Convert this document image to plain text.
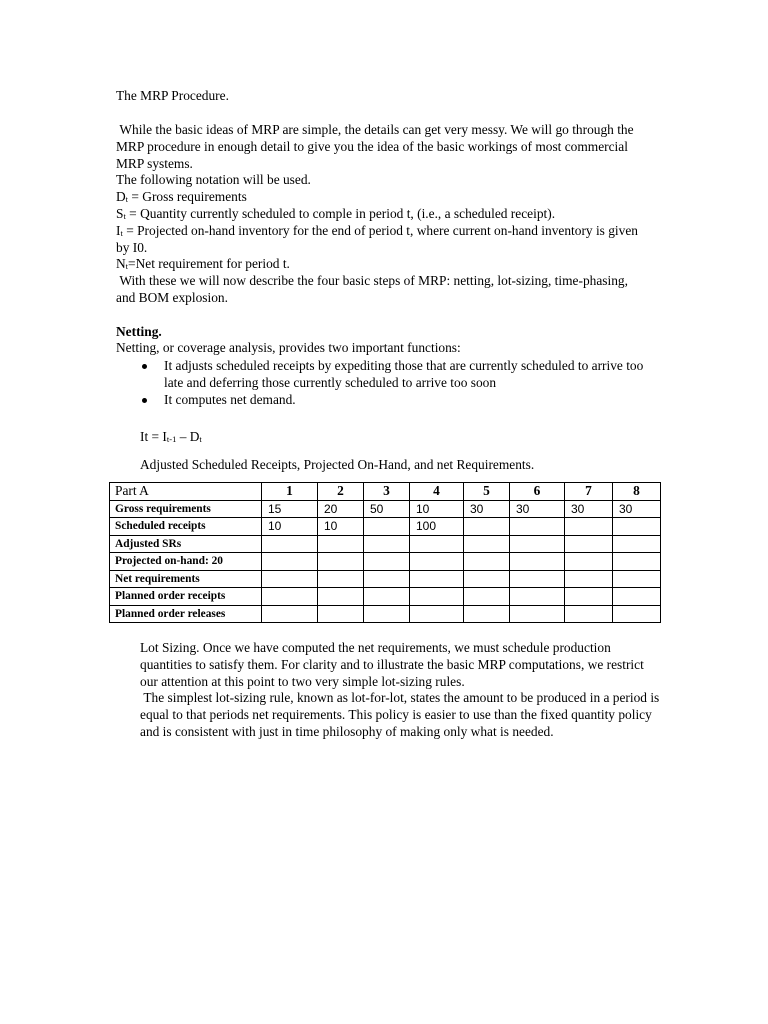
The MRP Procedure.

While the basic ideas of MRP are simple, the details can get very messy. We will go through the MRP procedure in enough detail to give you the idea of the basic workings of most commercial MRP systems.

The following notation will be used.

$D_t$ = Gross requirements

$S_t$ = Quantity currently scheduled to comple in period t, (i.e., a scheduled receipt).

$I_t$ = Projected on-hand inventory for the end of period t, where current on-hand inventory is given by I0.

$N_t=Net$ requirement for period t.

With these we will now describe the four basic steps of MRP: netting, lot-sizing, time-phasing, and BOM explosion.

Netting.

Netting, or coverage analysis, provides two important functions:

It adjusts scheduled receipts by expediting those that are currently scheduled to arrive too late and deferring those currently scheduled to arrive too soon
It computes net demand.

$It = I_{t-1} - D_t$

Adjusted Scheduled Receipts, Projected On-Hand, and net Requirements.

Part A	1	2	3	4	5	6	7	8
Gross requirements	15	20	50	10	30	30	30	30
Scheduled receipts	10	10		100				
Adjusted SRs								
Projected on-hand: 20								
Net requirements								
Planned order receipts								
Planned order releases								

Lot Sizing. Once we have computed the net requirements, we must schedule production quantities to satisfy them. For clarity and to illustrate the basic MRP computations, we restrict our attention at this point to two very simple lot-sizing rules.

The simplest lot-sizing rule, known as lot-for-lot, states the amount to be produced in a period is equal to that periods net requirements. This policy is easier to use than the fixed quantity policy and is consistent with just in time philosophy of making only what is needed.
